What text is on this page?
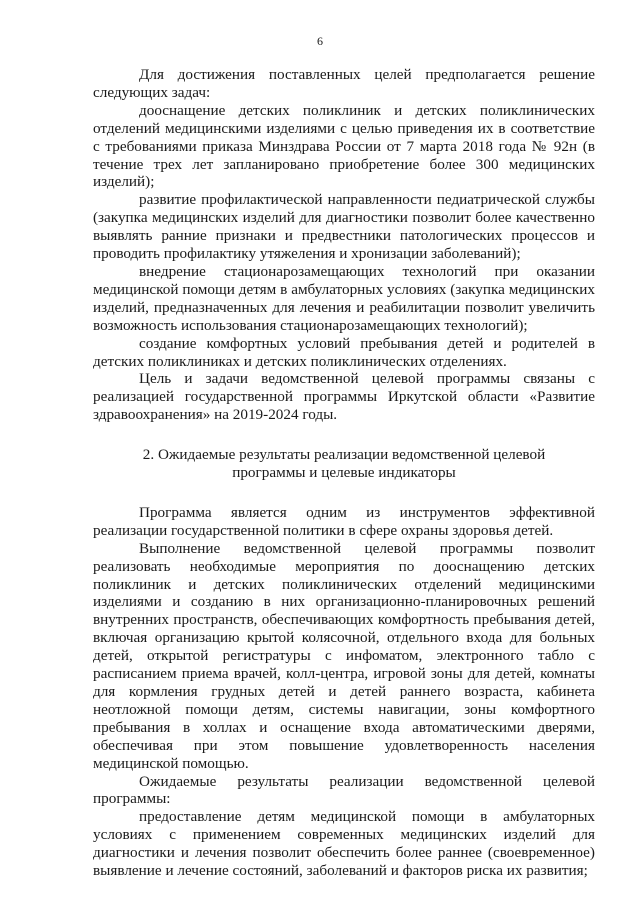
6

Для достижения поставленных целей предполагается решение следующих задач:

дооснащение детских поликлиник и детских поликлинических отделений медицинскими изделиями с целью приведения их в соответствие с требованиями приказа Минздрава России от 7 марта 2018 года № 92н (в течение трех лет запланировано приобретение более 300 медицинских изделий);

развитие профилактической направленности педиатрической службы (закупка медицинских изделий для диагностики позволит более качественно выявлять ранние признаки и предвестники патологических процессов и проводить профилактику утяжеления и хронизации заболеваний);

внедрение стационарозамещающих технологий при оказании медицинской помощи детям в амбулаторных условиях (закупка медицинских изделий, предназначенных для лечения и реабилитации позволит увеличить возможность использования стационарозамещающих технологий);

создание комфортных условий пребывания детей и родителей в детских поликлиниках и детских поликлинических отделениях.

Цель и задачи ведомственной целевой программы связаны с реализацией государственной программы Иркутской области «Развитие здравоохранения» на 2019-2024 годы.

2. Ожидаемые результаты реализации ведомственной целевой
программы и целевые индикаторы

Программа является одним из инструментов эффективной реализации государственной политики в сфере охраны здоровья детей.

Выполнение ведомственной целевой программы позволит реализовать необходимые мероприятия по дооснащению детских поликлиник и детских поликлинических отделений медицинскими изделиями и созданию в них организационно-планировочных решений внутренних пространств, обеспечивающих комфортность пребывания детей, включая организацию крытой колясочной, отдельного входа для больных детей, открытой регистратуры с инфоматом, электронного табло с расписанием приема врачей, колл-центра, игровой зоны для детей, комнаты для кормления грудных детей и детей раннего возраста, кабинета неотложной помощи детям, системы навигации, зоны комфортного пребывания в холлах и оснащение входа автоматическими дверями, обеспечивая при этом повышение удовлетворенность населения медицинской помощью.

Ожидаемые результаты реализации ведомственной целевой программы:

предоставление детям медицинской помощи в амбулаторных условиях с применением современных медицинских изделий для диагностики и лечения позволит обеспечить более раннее (своевременное) выявление и лечение состояний, заболеваний и факторов риска их развития;
